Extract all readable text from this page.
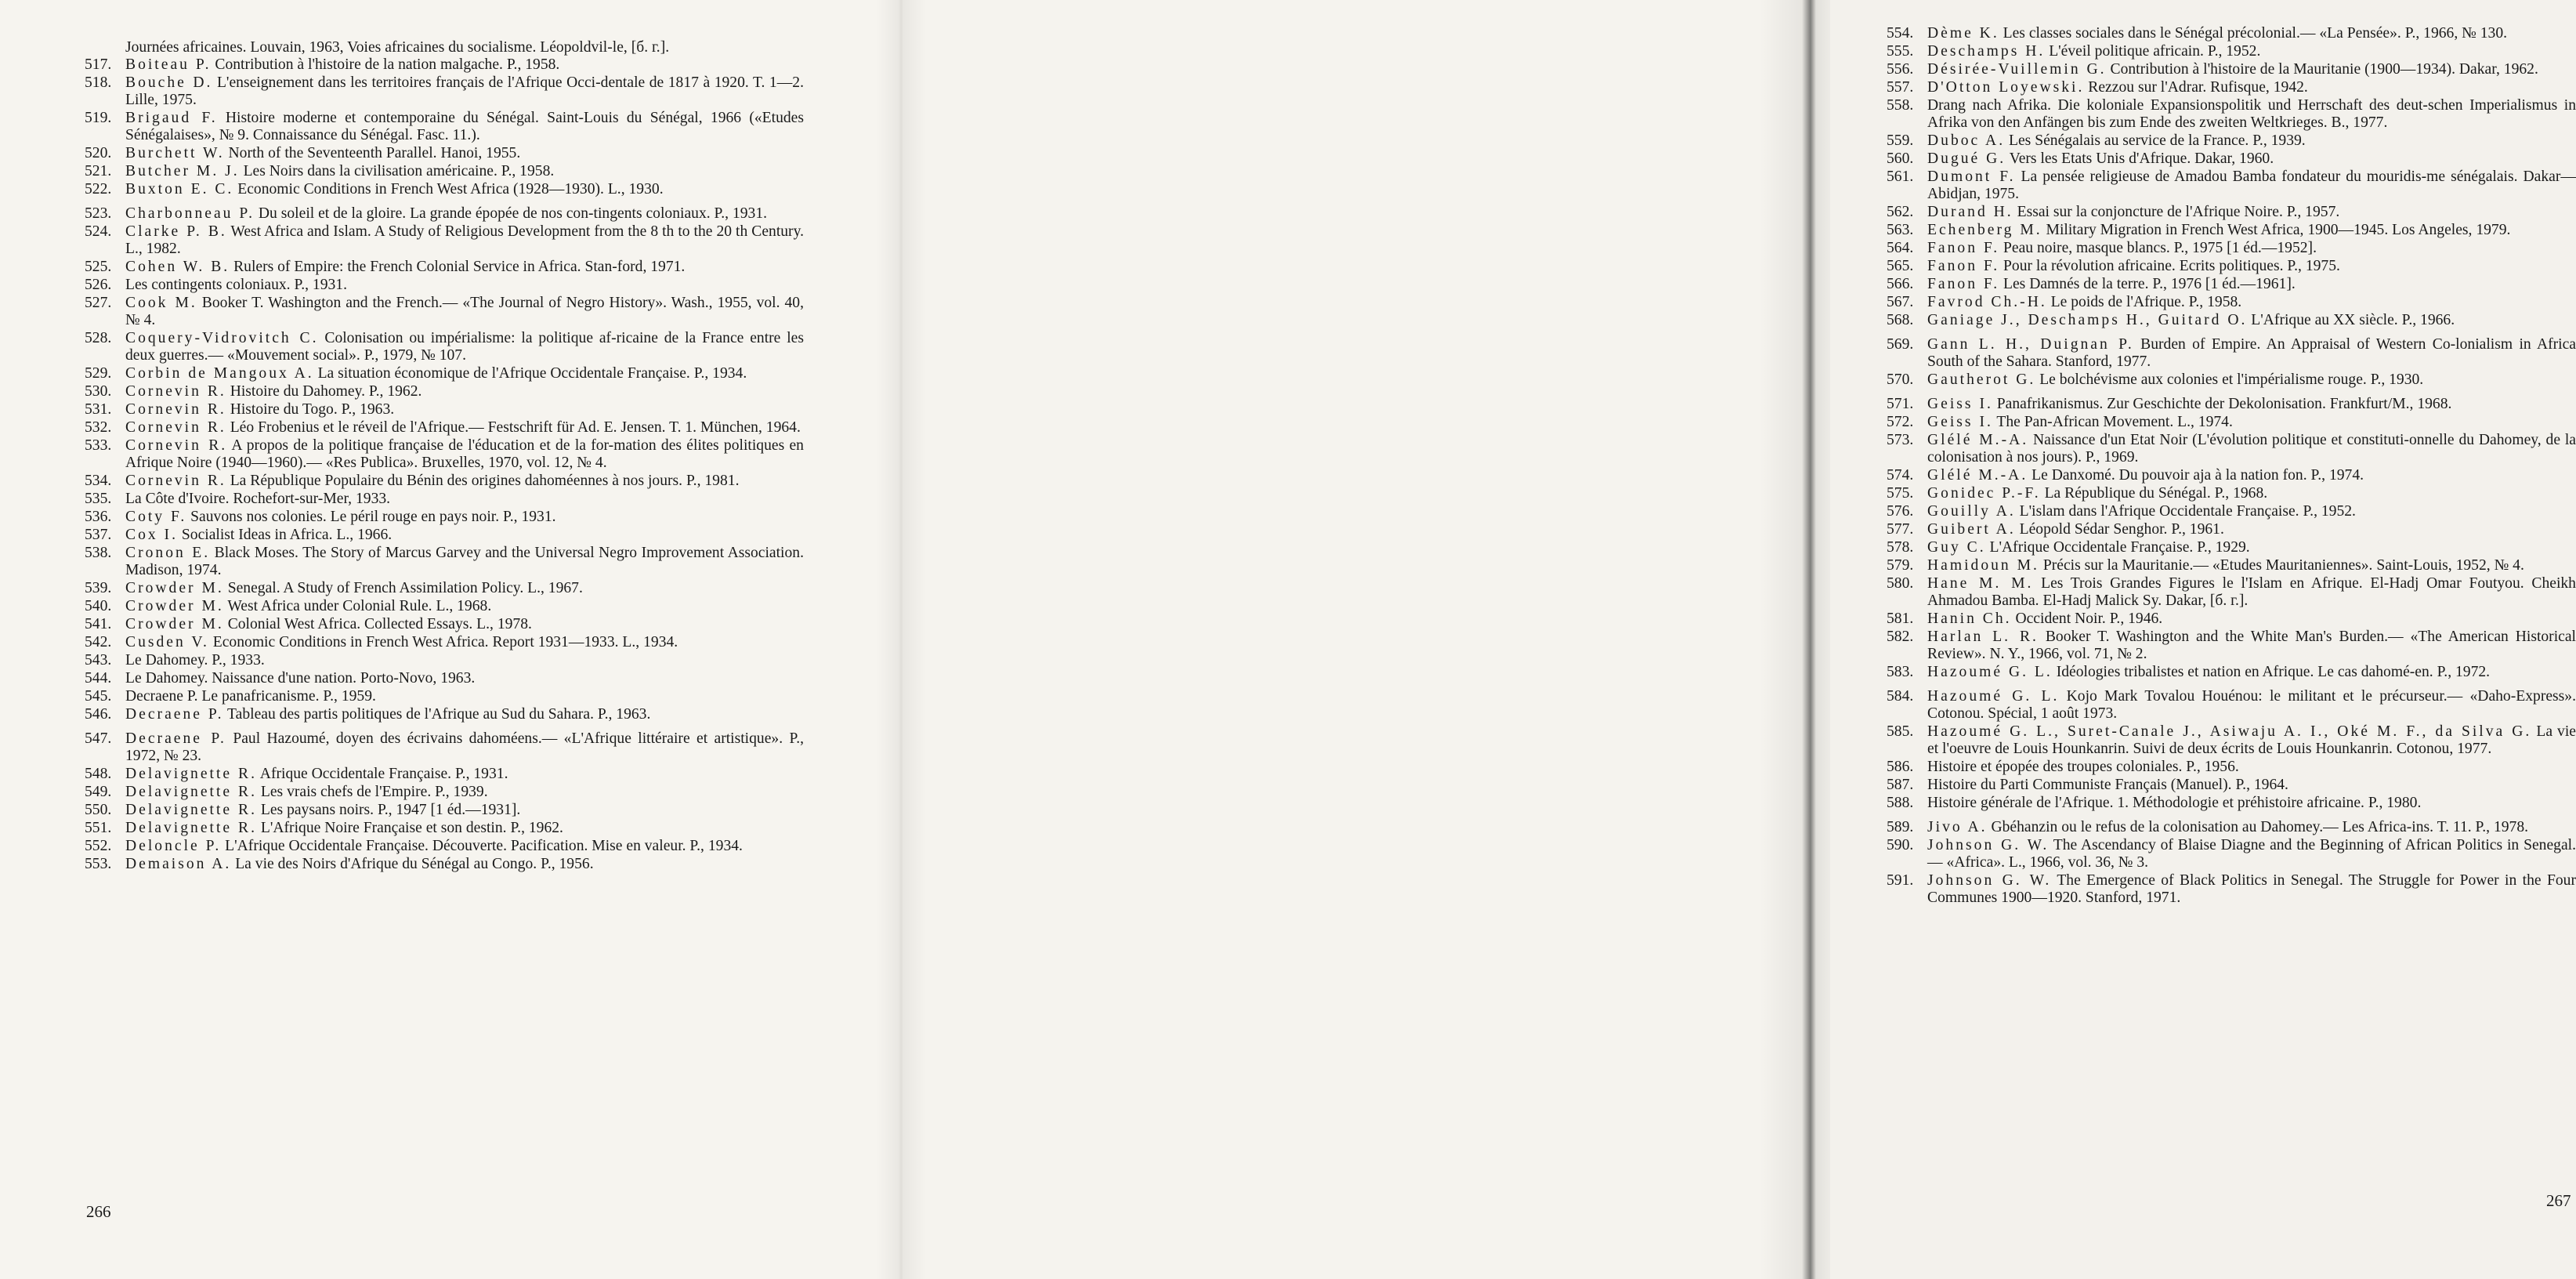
Journées africaines. Louvain, 1963, Voies africaines du socialisme. Léopoldvil-le, [б. г.].
517. Boiteau P. Contribution à l'histoire de la nation malgache. P., 1958.
518. Bouche D. L'enseignement dans les territoires français de l'Afrique Occi-dentale de 1817 à 1920. T. 1—2. Lille, 1975.
519. Brigaud F. Histoire moderne et contemporaine du Sénégal. Saint-Louis du Sénégal, 1966 («Etudes Sénégalaises», № 9. Connaissance du Sénégal. Fasc. 11.).
520. Burchett W. North of the Seventeenth Parallel. Hanoi, 1955.
521. Butcher M. J. Les Noirs dans la civilisation américaine. P., 1958.
522. Buxton E. C. Economic Conditions in French West Africa (1928—1930). L., 1930.
523. Charbonneau P. Du soleil et de la gloire. La grande épopée de nos con-tingents coloniaux. P., 1931.
524. Clarke P. B. West Africa and Islam. A Study of Religious Development from the 8 th to the 20 th Century. L., 1982.
525. Cohen W. B. Rulers of Empire: the French Colonial Service in Africa. Stan-ford, 1971.
526. Les contingents coloniaux. P., 1931.
527. Cook M. Booker T. Washington and the French.— «The Journal of Negro History». Wash., 1955, vol. 40, № 4.
528. Coquery-Vidrovitch C. Colonisation ou impérialisme: la politique af-ricaine de la France entre les deux guerres.— «Mouvement social». P., 1979, № 107.
529. Corbin de Mangoux A. La situation économique de l'Afrique Occidentale Française. P., 1934.
530. Cornevin R. Histoire du Dahomey. P., 1962.
531. Cornevin R. Histoire du Togo. P., 1963.
532. Cornevin R. Léo Frobenius et le réveil de l'Afrique.— Festschrift für Ad. E. Jensen. T. 1. München, 1964.
533. Cornevin R. A propos de la politique française de l'éducation et de la for-mation des élites politiques en Afrique Noire (1940—1960).— «Res Publica». Bruxelles, 1970, vol. 12, № 4.
534. Cornevin R. La République Populaire du Bénin des origines dahoméennes à nos jours. P., 1981.
535. La Côte d'Ivoire. Rochefort-sur-Mer, 1933.
536. Coty F. Sauvons nos colonies. Le péril rouge en pays noir. P., 1931.
537. Cox I. Socialist Ideas in Africa. L., 1966.
538. Cronon E. Black Moses. The Story of Marcus Garvey and the Universal Negro Improvement Association. Madison, 1974.
539. Crowder M. Senegal. A Study of French Assimilation Policy. L., 1967.
540. Crowder M. West Africa under Colonial Rule. L., 1968.
541. Crowder M. Colonial West Africa. Collected Essays. L., 1978.
542. Cusden V. Economic Conditions in French West Africa. Report 1931—1933. L., 1934.
543. Le Dahomey. P., 1933.
544. Le Dahomey. Naissance d'une nation. Porto-Novo, 1963.
545. Decraene P. Le panafricanisme. P., 1959.
546. Decraene P. Tableau des partis politiques de l'Afrique au Sud du Sahara. P., 1963.
547. Decraene P. Paul Hazoumé, doyen des écrivains dahoméens.— «L'Afrique littéraire et artistique». P., 1972, № 23.
548. Delavignette R. Afrique Occidentale Française. P., 1931.
549. Delavignette R. Les vrais chefs de l'Empire. P., 1939.
550. Delavignette R. Les paysans noirs. P., 1947 [1 éd.—1931].
551. Delavignette R. L'Afrique Noire Française et son destin. P., 1962.
552. Deloncle P. L'Afrique Occidentale Française. Découverte. Pacification. Mise en valeur. P., 1934.
553. Demaison A. La vie des Noirs d'Afrique du Sénégal au Congo. P., 1956.
266
554. Dème K. Les classes sociales dans le Sénégal précolonial.— «La Pensée». P., 1966, № 130.
555. Deschamps H. L'éveil politique africain. P., 1952.
556. Désirée-Vuillemin G. Contribution à l'histoire de la Mauritanie (1900—1934). Dakar, 1962.
557. D'Otton Loyewski. Rezzou sur l'Adrar. Rufisque, 1942.
558. Drang nach Afrika. Die koloniale Expansionspolitik und Herrschaft des deut-schen Imperialismus in Afrika von den Anfängen bis zum Ende des zweiten Weltkrieges. B., 1977.
559. Duboc A. Les Sénégalais au service de la France. P., 1939.
560. Dugué G. Vers les Etats Unis d'Afrique. Dakar, 1960.
561. Dumont F. La pensée religieuse de Amadou Bamba fondateur du mouridis-me sénégalais. Dakar—Abidjan, 1975.
562. Durand H. Essai sur la conjoncture de l'Afrique Noire. P., 1957.
563. Echenberg M. Military Migration in French West Africa, 1900—1945. Los Angeles, 1979.
564. Fanon F. Peau noire, masque blancs. P., 1975 [1 éd.—1952].
565. Fanon F. Pour la révolution africaine. Ecrits politiques. P., 1975.
566. Fanon F. Les Damnés de la terre. P., 1976 [1 éd.—1961].
567. Favrod Ch.-H. Le poids de l'Afrique. P., 1958.
568. Ganiage J., Deschamps H., Guitard O. L'Afrique au XX siècle. P., 1966.
569. Gann L. H., Duignan P. Burden of Empire. An Appraisal of Western Co-lonialism in Africa South of the Sahara. Stanford, 1977.
570. Gautherot G. Le bolchévisme aux colonies et l'impérialisme rouge. P., 1930.
571. Geiss I. Panafrikanismus. Zur Geschichte der Dekolonisation. Frankfurt/M., 1968.
572. Geiss I. The Pan-African Movement. L., 1974.
573. Glélé M.-A. Naissance d'un Etat Noir (L'évolution politique et constituti-onnelle du Dahomey, de la colonisation à nos jours). P., 1969.
574. Glélé M.-A. Le Danxomé. Du pouvoir aja à la nation fon. P., 1974.
575. Gonidec P.-F. La République du Sénégal. P., 1968.
576. Gouilly A. L'islam dans l'Afrique Occidentale Française. P., 1952.
577. Guibert A. Léopold Sédar Senghor. P., 1961.
578. Guy C. L'Afrique Occidentale Française. P., 1929.
579. Hamidoun M. Précis sur la Mauritanie.— «Etudes Mauritaniennes». Saint-Louis, 1952, № 4.
580. Hane M. M. Les Trois Grandes Figures le l'Islam en Afrique. El-Hadj Omar Foutyou. Cheikh Ahmadou Bamba. El-Hadj Malick Sy. Dakar, [б. г.].
581. Hanin Ch. Occident Noir. P., 1946.
582. Harlan L. R. Booker T. Washington and the White Man's Burden.— «The American Historical Review». N. Y., 1966, vol. 71, № 2.
583. Hazoumé G. L. Idéologies tribalistes et nation en Afrique. Le cas dahomé-en. P., 1972.
584. Hazoumé G. L. Kojo Mark Tovalou Houénou: le militant et le précurseur.— «Daho-Express». Cotonou. Spécial, 1 août 1973.
585. Hazoumé G. L., Suret-Canale J., Asiwaju A. I., Oké M. F., da Silva G. La vie et l'oeuvre de Louis Hounkanrin. Suivi de deux écrits de Louis Hounkanrin. Cotonou, 1977.
586. Histoire et épopée des troupes coloniales. P., 1956.
587. Histoire du Parti Communiste Français (Manuel). P., 1964.
588. Histoire générale de l'Afrique. 1. Méthodologie et préhistoire africaine. P., 1980.
589. Jivo A. Gbéhanzin ou le refus de la colonisation au Dahomey.— Les Africa-ins. T. 11. P., 1978.
590. Johnson G. W. The Ascendancy of Blaise Diagne and the Beginning of African Politics in Senegal.— «Africa». L., 1966, vol. 36, № 3.
591. Johnson G. W. The Emergence of Black Politics in Senegal. The Struggle for Power in the Four Communes 1900—1920. Stanford, 1971.
267
